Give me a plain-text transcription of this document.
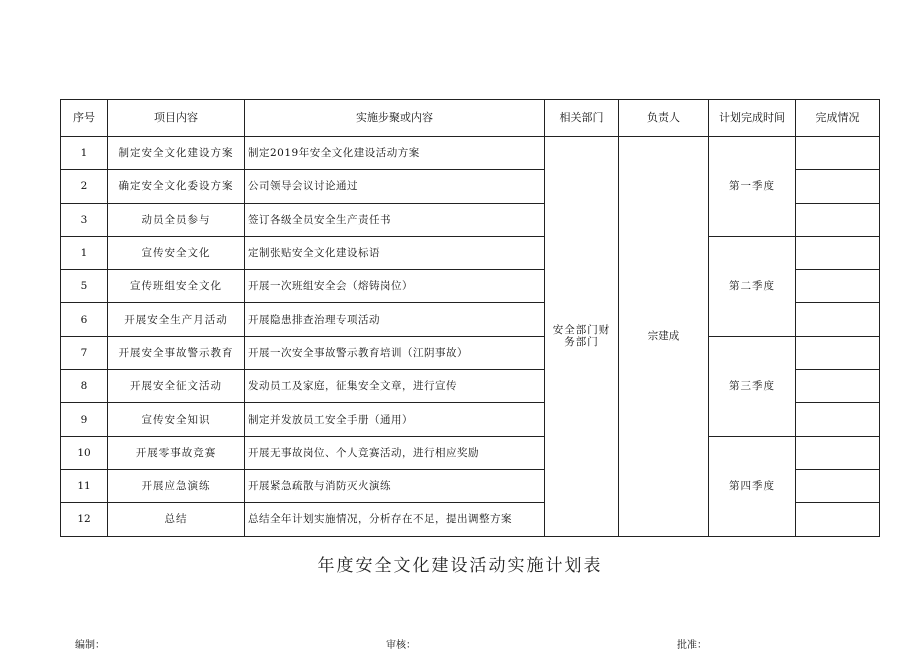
序号	项目内容	实施步聚或内容	相关部门	负责人	计划完成时间	完成情况
1	制定安全文化建设方案	制定2019年安全文化建设活动方案	安全部门财务部门	宗建成	第一季度	
2	确定安全文化委设方案	公司领导会议讨论通过				
3	动员全员参与	签订各级全员安全生产责任书				
1	宣传安全文化	定制张贴安全文化建设标语			第二季度	
5	宣传班组安全文化	开展一次班组安全会（熔铸岗位）				
6	开展安全生产月活动	开展隐患排查治理专项活动				
7	开展安全事故警示教育	开展一次安全事故警示教育培训（江阴事故）			第三季度	
8	开展安全征文活动	发动员工及家庭，征集安全文章，进行宣传				
9	宣传安全知识	制定并发放员工安全手册（通用）				
10	开展零事故竞赛	开展无事故岗位、个人竞赛活动，进行相应奖励			第四季度	
11	开展应急演练	开展紧急疏散与消防灭火演练				
12	总结	总结全年计划实施情况，分析存在不足，提出调整方案				
年度安全文化建设活动实施计划表
编制：	审核：	批准：
